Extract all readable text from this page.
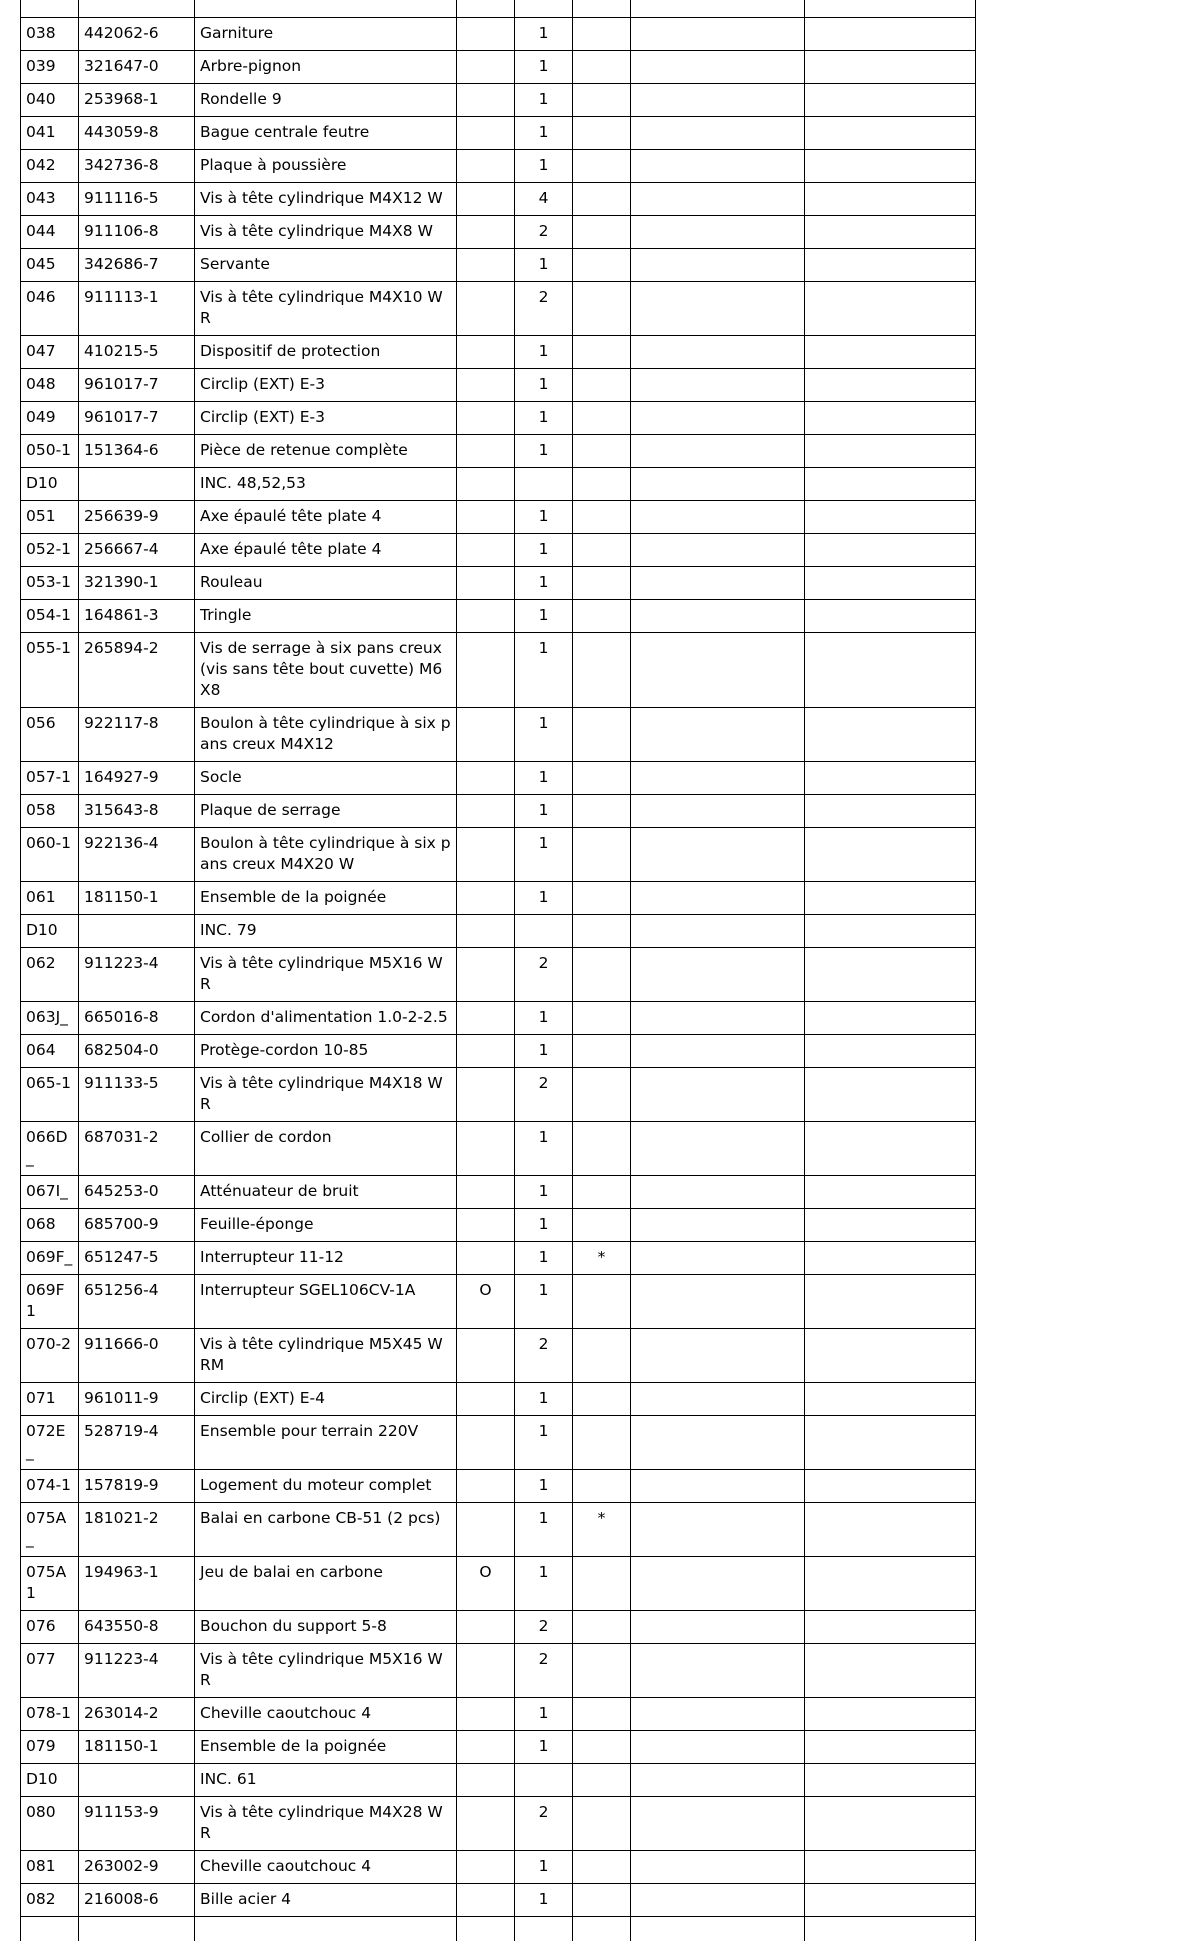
038	442062-6	Garniture		1			
039	321647-0	Arbre-pignon		1			
040	253968-1	Rondelle 9		1			
041	443059-8	Bague centrale feutre		1			
042	342736-8	Plaque à poussière		1			
043	911116-5	Vis à tête cylindrique M4X12 W		4			
044	911106-8	Vis à tête cylindrique M4X8 W		2			
045	342686-7	Servante		1			
046	911113-1	Vis à tête cylindrique M4X10 WR		2			
047	410215-5	Dispositif de protection		1			
048	961017-7	Circlip (EXT) E-3		1			
049	961017-7	Circlip (EXT) E-3		1			
050-1	151364-6	Pièce de retenue complète		1			
D10		INC. 48,52,53					
051	256639-9	Axe épaulé tête plate 4		1			
052-1	256667-4	Axe épaulé tête plate 4		1			
053-1	321390-1	Rouleau		1			
054-1	164861-3	Tringle		1			
055-1	265894-2	Vis de serrage à six pans creux (vis sans tête bout cuvette) M6X8		1			
056	922117-8	Boulon à tête cylindrique à six pans creux M4X12		1			
057-1	164927-9	Socle		1			
058	315643-8	Plaque de serrage		1			
060-1	922136-4	Boulon à tête cylindrique à six pans creux M4X20 W		1			
061	181150-1	Ensemble de la poignée		1			
D10		INC. 79					
062	911223-4	Vis à tête cylindrique M5X16 WR		2			
063J_	665016-8	Cordon d'alimentation 1.0-2-2.5		1			
064	682504-0	Protège-cordon 10-85		1			
065-1	911133-5	Vis à tête cylindrique M4X18 WR		2			
066D_	687031-2	Collier de cordon		1			
067I_	645253-0	Atténuateur de bruit		1			
068	685700-9	Feuille-éponge		1			
069F_	651247-5	Interrupteur 11-12		1	*		
069F1	651256-4	Interrupteur SGEL106CV-1A	O	1			
070-2	911666-0	Vis à tête cylindrique M5X45 WRM		2			
071	961011-9	Circlip (EXT) E-4		1			
072E_	528719-4	Ensemble pour terrain 220V		1			
074-1	157819-9	Logement du moteur complet		1			
075A_	181021-2	Balai en carbone CB-51 (2 pcs)		1	*		
075A1	194963-1	Jeu de balai en carbone	O	1			
076	643550-8	Bouchon du support 5-8		2			
077	911223-4	Vis à tête cylindrique M5X16 WR		2			
078-1	263014-2	Cheville caoutchouc 4		1			
079	181150-1	Ensemble de la poignée		1			
D10		INC. 61					
080	911153-9	Vis à tête cylindrique M4X28 WR		2			
081	263002-9	Cheville caoutchouc 4		1			
082	216008-6	Bille acier 4		1			
